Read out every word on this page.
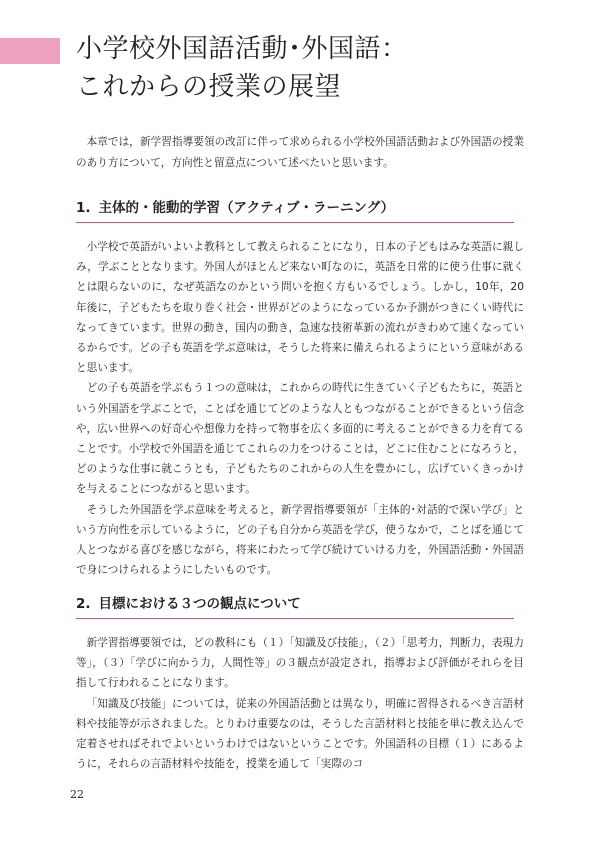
小学校外国語活動･外国語：
これからの授業の展望

本章では，新学習指導要領の改訂に伴って求められる小学校外国語活動および外国語の授業のあり方について，方向性と留意点について述べたいと思います。

1. 主体的・能動的学習（アクティブ・ラーニング）

小学校で英語がいよいよ教科として教えられることになり，日本の子どもはみな英語に親しみ，学ぶこととなります。外国人がほとんど来ない町なのに，英語を日常的に使う仕事に就くとは限らないのに，なぜ英語なのかという問いを抱く方もいるでしょう。しかし，10年，20年後に，子どもたちを取り巻く社会・世界がどのようになっているか予測がつきにくい時代になってきています。世界の動き，国内の動き，急速な技術革新の流れがきわめて速くなっているからです。どの子も英語を学ぶ意味は，そうした将来に備えられるようにという意味があると思います。

どの子も英語を学ぶもう１つの意味は，これからの時代に生きていく子どもたちに，英語という外国語を学ぶことで，ことばを通じてどのような人ともつながることができるという信念や，広い世界への好奇心や想像力を持って物事を広く多面的に考えることができる力を育てることです。小学校で外国語を通じてこれらの力をつけることは，どこに住むことになろうと，どのような仕事に就こうとも，子どもたちのこれからの人生を豊かにし，広げていくきっかけを与えることにつながると思います。

そうした外国語を学ぶ意味を考えると，新学習指導要領が「主体的･対話的で深い学び」という方向性を示しているように，どの子も自分から英語を学び，使うなかで，ことばを通じて人とつながる喜びを感じながら，将来にわたって学び続けていける力を，外国語活動・外国語で身につけられるようにしたいものです。

2. 目標における３つの観点について

新学習指導要領では，どの教科にも（１）「知識及び技能」，（２）「思考力，判断力，表現力等」，（３）「学びに向かう力，人間性等」の３観点が設定され，指導および評価がそれらを目指して行われることになります。

「知識及び技能」については，従来の外国語活動とは異なり，明確に習得されるべき言語材料や技能等が示されました。とりわけ重要なのは，そうした言語材料と技能を単に教え込んで定着させればそれでよいというわけではないということです。外国語科の目標（１）にあるように，それらの言語材料や技能を，授業を通して「実際のコ

22
